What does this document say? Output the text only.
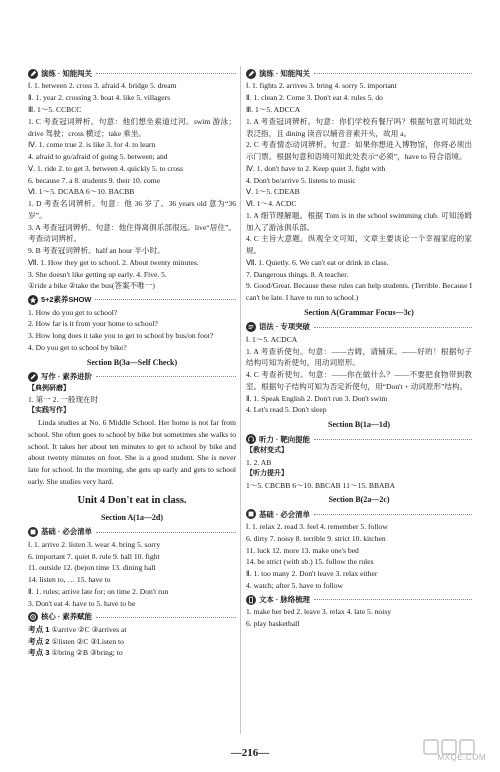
演练 · 知能闯关
Ⅰ. 1. between 2. cross 3. afraid 4. bridge 5. dream
Ⅱ. 1. year 2. crossing 3. boat 4. like 5. villagers
Ⅲ. 1～5. CCBCC
1. C 考查冠词辨析。句意：他们想坐索道过河。swim 游泳；drive 驾驶；cross 横过；take 乘坐。
Ⅳ. 1. come true 2. is like 3. for 4. to learn
4. afraid to go/afraid of going 5. between; and
Ⅴ. 1. ride 2. to get 3. between 4. quickly 5. to cross
6. because 7. a 8. students 9. their 10. come
Ⅵ. 1～5. DCABA 6～10. BACBB
1. D 考查名词辨析。句意：他 36 岁了。36 years old 意为“36 岁”。
3. A 考查冠词辨析。句意：他住得离俱乐部很远。live“居住”。考查动词辨析。
9. B 考查冠词辨析。half an hour 半小时。
Ⅶ. 1. How they get to school. 2. About twenty minutes.
3. She doesn't like getting up early. 4. Five. 5.
①ride a bike ②take the bus(答案不唯一)
5+2素养SHOW
1. How do you get to school?
2. How far is it from your home to school?
3. How long does it take you to get to school by bus/on foot?
4. Do you get to school by bike?
Section B(3a—Self Check)
写作 · 素养进阶
【典例研磨】
1. 第一 2. 一般现在时
【实践写作】
Linda studies at No. 6 Middle School. Her home is not far from school. She often goes to school by bike but sometimes she walks to school. It takes her about ten minutes to get to school by bike and about twenty minutes on foot. She is a good student. She is never late for school. In the morning, she gets up early and gets to school early. She studies very hard.
Unit 4 Don't eat in class.
Section A(1a—2d)
基础 · 必会清单
Ⅰ. 1. arrive 2. listen 3. wear 4. bring 5. sorry
6. important 7. quiet 8. rule 9. hall 10. fight
11. outside 12. (be)on time 13. dining hall
14. listen to, … 15. have to
Ⅱ. 1. rules; arrive late for; on time 2. Don't run
3. Don't eat 4. have to 5. have to be
核心 · 素养赋能
考点 1 ①arrive ②C ③arrives at
考点 2 ①listen ②C ③Listen to
考点 3 ①bring ②B ③bring; to
演练 · 知能闯关
Ⅰ. 1. fights 2. arrives 3. bring 4. sorry 5. important
Ⅱ. 1. clean 2. Come 3. Don't eat 4. rules 5. do
Ⅲ. 1～5. ADCCA
1. A 考查冠词辨析。句意：你们学校有餐厅吗？根据句意可知此处表泛指，且 dining 读音以辅音音素开头，故用 a。
2. C 考查情态动词辨析。句意：如果你想进入博物馆，你将必须出示门票。根据句意和语境可知此处表示“必须”，have to 符合语境。
Ⅳ. 1. don't have to 2. Keep quiet 3. fight with
4. Don't be/arrive 5. listens to music
Ⅴ. 1～5. CDEAB
Ⅵ. 1～4. ACDC
1. A 细节理解题。根据 Tom is in the school swimming club. 可知汤姆加入了游泳俱乐部。
4. C 主旨大意题。纵观全文可知，文章主要谈论一个幸福家庭的家规。
Ⅶ. 1. Quietly. 6. We can't eat or drink in class.
7. Dangerous things. 8. A teacher.
9. Good/Great. Because these rules can help students. (Terrible. Because I can't be late. I have to run to school.)
Section A(Grammar Focus—3c)
语法 · 专项突破
Ⅰ. 1～5. ACDCA
1. A 考查祈使句。句意：——吉姆，请铺床。——好的！根据句子结构可知为祈使句，用动词原形。
4. C 考查祈使句。句意：——你在做什么？——不要把食物带到教室。根据句子结构可知为否定祈使句，用“Don't + 动词原形”结构。
Ⅱ. 1. Speak English 2. Don't run 3. Don't swim
4. Let's read 5. Don't sleep
Section B(1a—1d)
听力 · 靶向提能
【教材变式】
1. 2. AB
【听力提升】
1～5. CBCBB 6～10. BBCAB 11～15. BBABA
Section B(2a—2c)
基础 · 必会清单
Ⅰ. 1. relax 2. read 3. feel 4. remember 5. follow
6. dirty 7. noisy 8. terrible 9. strict 10. kitchen
11. luck 12. more 13. make one's bed
14. be strict (with sb.) 15. follow the rules
Ⅱ. 1. too many 2. Don't leave 3. relax either
4. watch; after 5. have to follow
文本 · 脉络梳理
1. make her bed 2. leave 3. relax 4. late 5. noisy
6. play basketball
—216—	MXQE.COM
